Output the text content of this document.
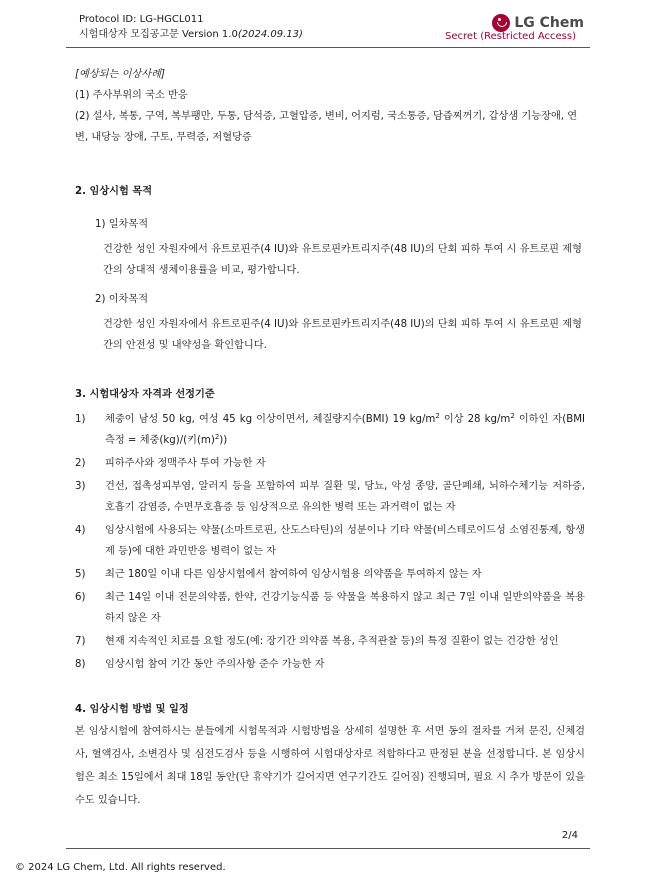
Protocol ID: LG-HGCL011
시험대상자 모집공고문 Version 1.0(2024.09.13)
LG Chem
Secret (Restricted Access)
[예상되는 이상사례]
(1) 주사부위의 국소 반응
(2) 설사, 복통, 구역, 복부팽만, 두통, 담석증, 고혈압증, 변비, 어지럼, 국소통증, 담즙찌꺼기, 갑상샘 기능장애, 연변, 내당능 장애, 구토, 무력증, 저혈당증
2. 임상시험 목적
1) 일차목적
건강한 성인 자원자에서 유트로핀주(4 IU)와 유트로핀카트리지주(48 IU)의 단회 피하 투여 시 유트로핀 제형 간의 상대적 생체이용률을 비교, 평가합니다.
2) 이차목적
건강한 성인 자원자에서 유트로핀주(4 IU)와 유트로핀카트리지주(48 IU)의 단회 피하 투여 시 유트로핀 제형 간의 안전성 및 내약성을 확인합니다.
3. 시험대상자 자격과 선정기준
1)	체중이 남성 50 kg, 여성 45 kg 이상이면서, 체질량지수(BMI) 19 $kg/m^2$ 이상 28 $kg/m^2$ 이하인 자(BMI 측정 = 체중(kg)/(키$(m)^2$))
2)	피하주사와 정맥주사 투여 가능한 자
3)	건선, 접촉성피부염, 알러지 등을 포함하여 피부 질환 및, 당뇨, 악성 종양, 골단폐쇄, 뇌하수체기능 저하증, 호흡기 감염증, 수면무호흡증 등 임상적으로 유의한 병력 또는 과거력이 없는 자
4)	임상시험에 사용되는 약물(소마트로핀, 산도스타틴)의 성분이나 기타 약물(비스테로이드성 소염진통제, 항생제 등)에 대한 과민반응 병력이 없는 자
5)	최근 180일 이내 다른 임상시험에서 참여하여 임상시험용 의약품을 투여하지 않는 자
6)	최근 14일 이내 전문의약품, 한약, 건강기능식품 등 약물을 복용하지 않고 최근 7일 이내 일반의약품을 복용하지 않은 자
7)	현재 지속적인 치료를 요할 정도(예: 장기간 의약품 복용, 추적관찰 등)의 특정 질환이 없는 건강한 성인
8)	임상시험 참여 기간 동안 주의사항 준수 가능한 자
4. 임상시험 방법 및 일정
본 임상시험에 참여하시는 분들에게 시험목적과 시험방법을 상세히 설명한 후 서면 동의 절차를 거쳐 문진, 신체검사, 혈액검사, 소변검사 및 심전도검사 등을 시행하여 시험대상자로 적합하다고 판정된 분을 선정합니다. 본 임상시험은 최소 15일에서 최대 18일 동안(단 휴약기가 길어지면 연구기간도 길어짐) 진행되며, 필요 시 추가 방문이 있을 수도 있습니다.
2/4
© 2024 LG Chem, Ltd. All rights reserved.
